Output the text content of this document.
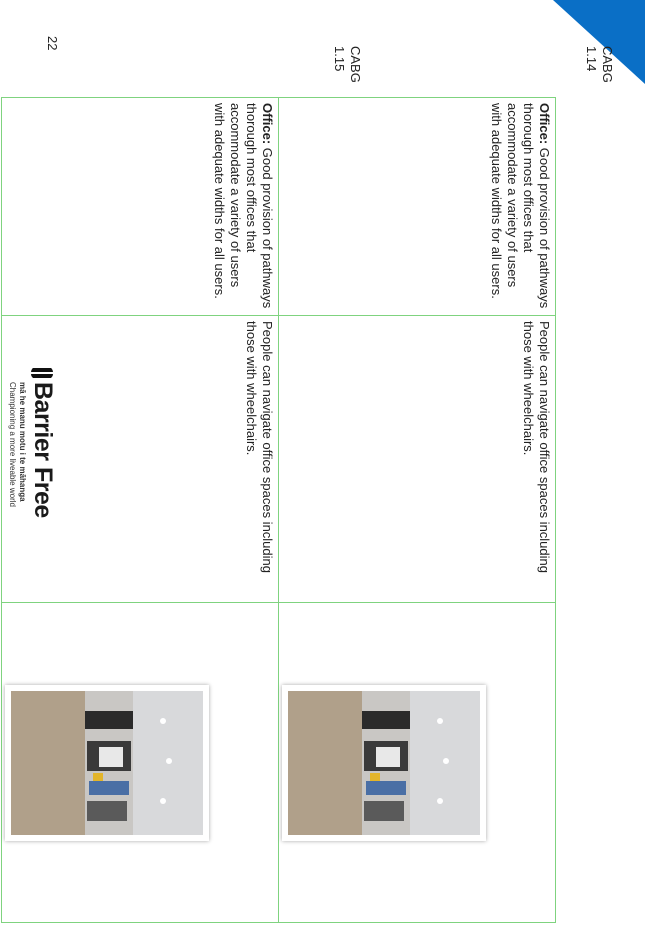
Office: Good provision of pathways thorough most offices that accommodate a variety of users with adequate widths for all users.	People can navigate office spaces including those with wheelchairs.	

Office: Good provision of pathways thorough most offices that accommodate a variety of users with adequate widths for all users.	People can navigate office spaces including those with wheelchairs.	
CABG
1.14
CABG
1.15
22
Barrier Free
mā he manu motu i te māhanga
Championing a more liveable world
